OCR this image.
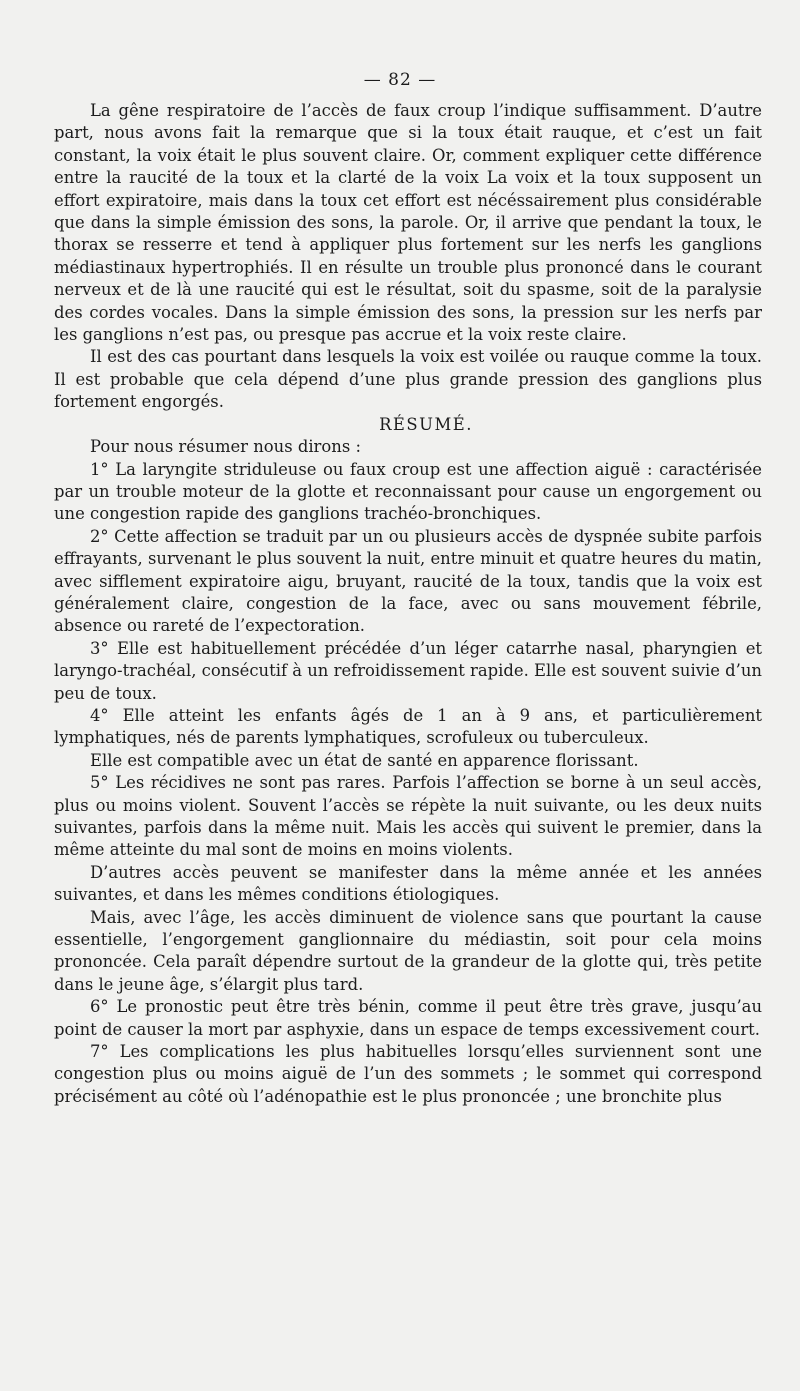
— 82 —

La gêne respiratoire de l’accès de faux croup l’indique suffisamment. D’autre part, nous avons fait la remarque que si la toux était rauque, et c’est un fait constant, la voix était le plus souvent claire. Or, comment expliquer cette différence entre la raucité de la toux et la clarté de la voix La voix et la toux supposent un effort expiratoire, mais dans la toux cet effort est nécéssairement plus considérable que dans la simple émission des sons, la parole. Or, il arrive que pendant la toux, le thorax se resserre et tend à appliquer plus fortement sur les nerfs les ganglions médiastinaux hypertrophiés. Il en résulte un trouble plus prononcé dans le courant nerveux et de là une raucité qui est le résultat, soit du spasme, soit de la paralysie des cordes vocales. Dans la simple émission des sons, la pression sur les nerfs par les ganglions n’est pas, ou presque pas accrue et la voix reste claire.

Il est des cas pourtant dans lesquels la voix est voilée ou rauque comme la toux. Il est probable que cela dépend d’une plus grande pression des ganglions plus fortement engorgés.

RÉSUMÉ.

Pour nous résumer nous dirons :

1° La laryngite striduleuse ou faux croup est une affection aiguë : caractérisée par un trouble moteur de la glotte et reconnaissant pour cause un engorgement ou une congestion rapide des ganglions trachéo-bronchiques.

2° Cette affection se traduit par un ou plusieurs accès de dyspnée subite parfois effrayants, survenant le plus souvent la nuit, entre minuit et quatre heures du matin, avec sifflement expiratoire aigu, bruyant, raucité de la toux, tandis que la voix est généralement claire, congestion de la face, avec ou sans mouvement fébrile, absence ou rareté de l’expectoration.

3° Elle est habituellement précédée d’un léger catarrhe nasal, pharyngien et laryngo-trachéal, consécutif à un refroidissement rapide. Elle est souvent suivie d’un peu de toux.

4° Elle atteint les enfants âgés de 1 an à 9 ans, et particulièrement lymphatiques, nés de parents lymphatiques, scrofuleux ou tuberculeux.

Elle est compatible avec un état de santé en apparence florissant.

5° Les récidives ne sont pas rares. Parfois l’affection se borne à un seul accès, plus ou moins violent. Souvent l’accès se répète la nuit suivante, ou les deux nuits suivantes, parfois dans la même nuit. Mais les accès qui suivent le premier, dans la même atteinte du mal sont de moins en moins violents.

D’autres accès peuvent se manifester dans la même année et les années suivantes, et dans les mêmes conditions étiologiques.

Mais, avec l’âge, les accès diminuent de violence sans que pourtant la cause essentielle, l’engorgement ganglionnaire du médiastin, soit pour cela moins prononcée. Cela paraît dépendre surtout de la grandeur de la glotte qui, très petite dans le jeune âge, s’élargit plus tard.

6° Le pronostic peut être très bénin, comme il peut être très grave, jusqu’au point de causer la mort par asphyxie, dans un espace de temps excessivement court.

7° Les complications les plus habituelles lorsqu’elles surviennent sont une congestion plus ou moins aiguë de l’un des sommets ; le sommet qui correspond précisément au côté où l’adénopathie est le plus prononcée ; une bronchite plus
